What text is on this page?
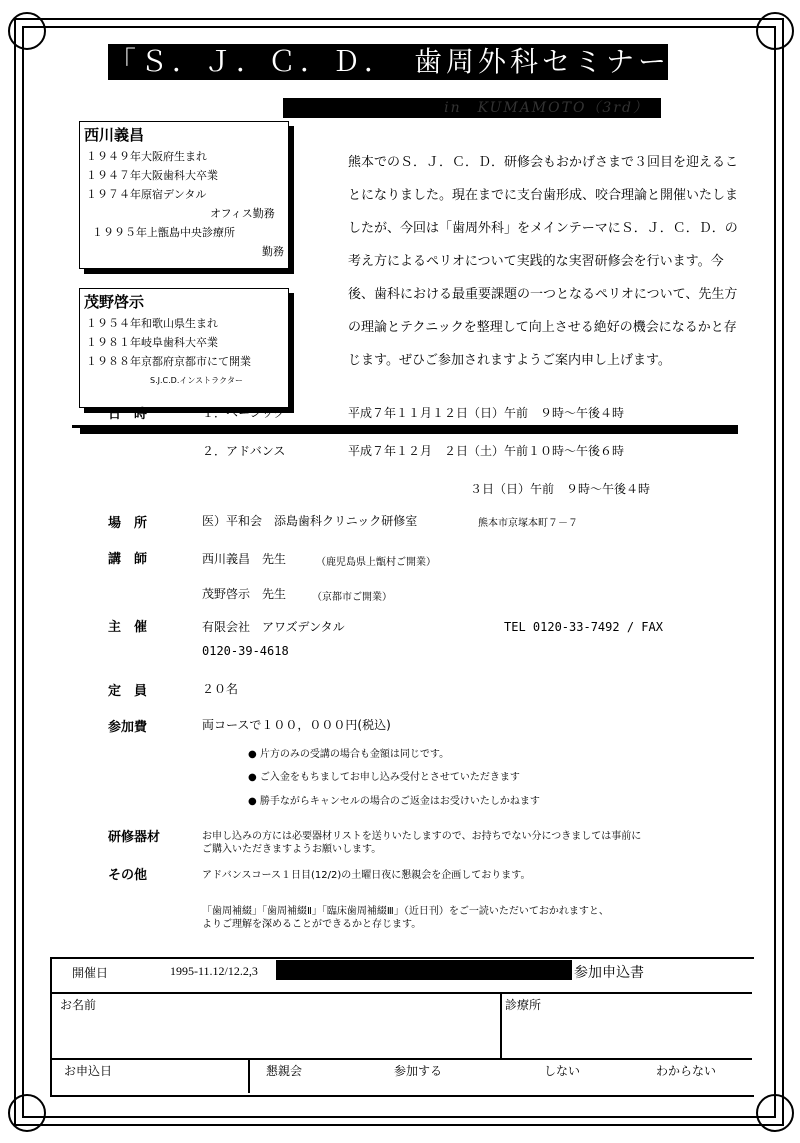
「Ｓ．Ｊ．Ｃ．Ｄ．　歯周外科セミナー」
in　KUMAMOTO（3rd）
西川義昌
１９４９年大阪府生まれ
１９４７年大阪歯科大卒業
１９７４年原宿デンタル
　　　　オフィス勤務
１９９５年上甑島中央診療所
勤務
茂野啓示
１９５４年和歌山県生まれ
１９８１年岐阜歯科大卒業
１９８８年京都府京都市にて開業
S.J.C.D.インストラクター

熊本でのＳ．Ｊ．Ｃ．Ｄ．研修会もおかげさまで３回目を迎えることになりました。現在までに支台歯形成、咬合理論と開催いたしましたが、今回は「歯周外科」をメインテーマにＳ．Ｊ．Ｃ．Ｄ．の考え方によるペリオについて実践的な実習研修会を行います。今後、歯科における最重要課題の一つとなるペリオについて、先生方の理論とテクニックを整理して向上させる絶好の機会になるかと存じます。ぜひご参加されますようご案内申し上げます。

日　時	１．ベーシック	平成７年１１月１２日（日）午前　９時～午後４時
２．アドバンス	平成７年１２月　２日（土）午前１０時～午後６時
３日（日）午前　９時～午後４時
場　所	医）平和会　添島歯科クリニック研修室	熊本市京塚本町７－７
講　師	西川義昌　先生	（鹿児島県上甑村ご開業）
茂野啓示　先生	（京都市ご開業）
主　催	有限会社　アワズデンタル	TEL 0120-33-7492 / FAX
0120-39-4618
定　員	２０名
参加費	両コースで１００，０００円(税込)
● 片方のみの受講の場合も金額は同じです。
● ご入金をもちましてお申し込み受付とさせていただきます
● 勝手ながらキャンセルの場合のご返金はお受けいたしかねます
研修器材	お申し込みの方には必要器材リストを送りいたしますので、お持ちでない分につきましては事前に
ご購入いただきますようお願いします。
その他	アドバンスコース１日目(12/2)の土曜日夜に懇親会を企画しております。
「歯周補綴」「歯周補綴Ⅱ」「臨床歯周補綴Ⅲ」（近日刊）をご一読いただいておかれますと、
よりご理解を深めることができるかと存じます。
開催日	1995-11.12/12.2,3	参加申込書
お名前	診療所
お申込日	懇親会	参加する	しない	わからない
